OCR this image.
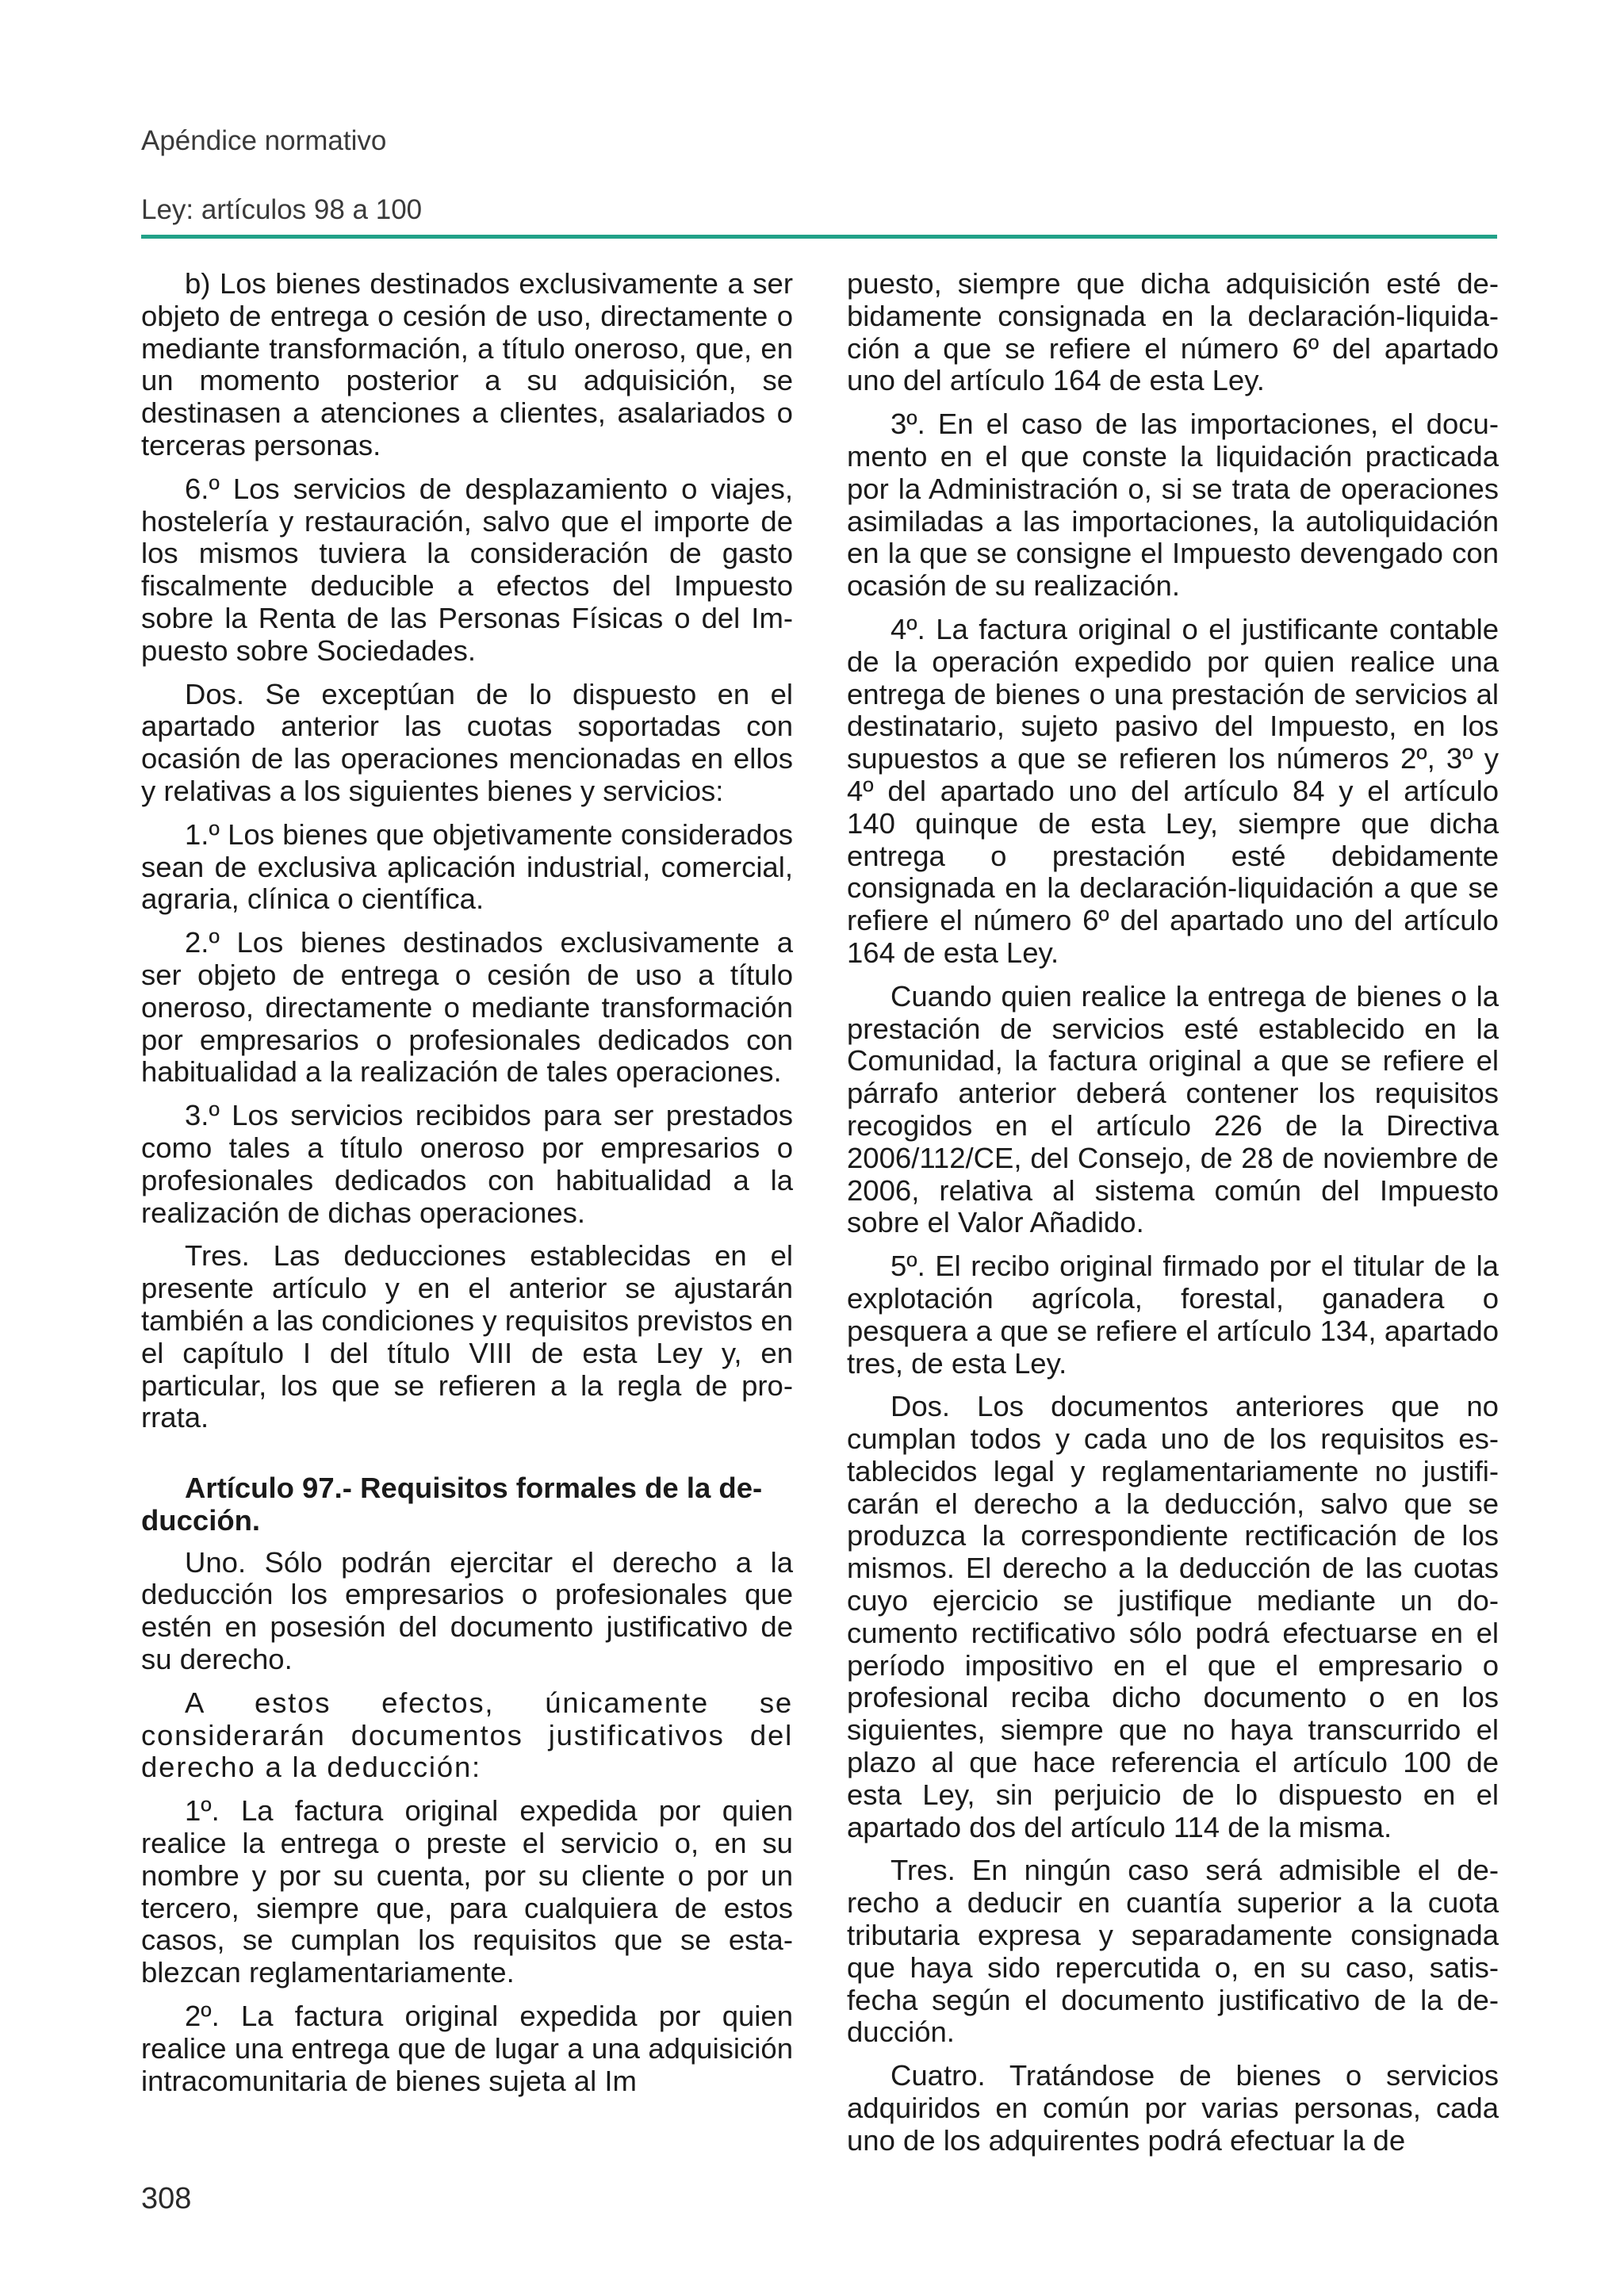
Apéndice normativo
Ley: artículos 98 a 100

b) Los bienes destinados exclusivamente a ser objeto de entrega o cesión de uso, directamente o mediante transformación, a título oneroso, que, en un momento posterior a su adquisición, se destinasen a atenciones a clientes, asalariados o terceras personas.

6.º Los servicios de desplazamiento o viajes, hostelería y restauración, salvo que el importe de los mismos tuviera la consideración de gasto fiscalmente deducible a efectos del Impuesto sobre la Renta de las Personas Físicas o del Impuesto sobre Sociedades.

Dos. Se exceptúan de lo dispuesto en el apartado anterior las cuotas soportadas con ocasión de las operaciones mencionadas en ellos y relativas a los siguientes bienes y servicios:

1.º Los bienes que objetivamente considerados sean de exclusiva aplicación industrial, comercial, agraria, clínica o científica.

2.º Los bienes destinados exclusivamente a ser objeto de entrega o cesión de uso a título oneroso, directamente o mediante transformación por empresarios o profesionales dedicados con habitualidad a la realización de tales operaciones.

3.º Los servicios recibidos para ser prestados como tales a título oneroso por empresarios o profesionales dedicados con habitualidad a la realización de dichas operaciones.

Tres. Las deducciones establecidas en el presente artículo y en el anterior se ajustarán también a las condiciones y requisitos previstos en el capítulo I del título VIII de esta Ley y, en particular, los que se refieren a la regla de prorrata.

Artículo 97.- Requisitos formales de la deducción.

Uno. Sólo podrán ejercitar el derecho a la deducción los empresarios o profesionales que estén en posesión del documento justificativo de su derecho.

A estos efectos, únicamente se considerarán documentos justificativos del derecho a la deducción:

1º. La factura original expedida por quien realice la entrega o preste el servicio o, en su nombre y por su cuenta, por su cliente o por un tercero, siempre que, para cualquiera de estos casos, se cumplan los requisitos que se establezcan reglamentariamente.

2º. La factura original expedida por quien realice una entrega que de lugar a una adquisición intracomunitaria de bienes sujeta al Im

puesto, siempre que dicha adquisición esté debidamente consignada en la declaración-liquidación a que se refiere el número 6º del apartado uno del artículo 164 de esta Ley.

3º. En el caso de las importaciones, el documento en el que conste la liquidación practicada por la Administración o, si se trata de operaciones asimiladas a las importaciones, la autoliquidación en la que se consigne el Impuesto devengado con ocasión de su realización.

4º. La factura original o el justificante contable de la operación expedido por quien realice una entrega de bienes o una prestación de servicios al destinatario, sujeto pasivo del Impuesto, en los supuestos a que se refieren los números 2º, 3º y 4º del apartado uno del artículo 84 y el artículo 140 quinque de esta Ley, siempre que dicha entrega o prestación esté debidamente consignada en la declaración-liquidación a que se refiere el número 6º del apartado uno del artículo 164 de esta Ley.

Cuando quien realice la entrega de bienes o la prestación de servicios esté establecido en la Comunidad, la factura original a que se refiere el párrafo anterior deberá contener los requisitos recogidos en el artículo 226 de la Directiva 2006/112/CE, del Consejo, de 28 de noviembre de 2006, relativa al sistema común del Impuesto sobre el Valor Añadido.

5º. El recibo original firmado por el titular de la explotación agrícola, forestal, ganadera o pesquera a que se refiere el artículo 134, apartado tres, de esta Ley.

Dos. Los documentos anteriores que no cumplan todos y cada uno de los requisitos establecidos legal y reglamentariamente no justificarán el derecho a la deducción, salvo que se produzca la correspondiente rectificación de los mismos. El derecho a la deducción de las cuotas cuyo ejercicio se justifique mediante un documento rectificativo sólo podrá efectuarse en el período impositivo en el que el empresario o profesional reciba dicho documento o en los siguientes, siempre que no haya transcurrido el plazo al que hace referencia el artículo 100 de esta Ley, sin perjuicio de lo dispuesto en el apartado dos del artículo 114 de la misma.

Tres. En ningún caso será admisible el derecho a deducir en cuantía superior a la cuota tributaria expresa y separadamente consignada que haya sido repercutida o, en su caso, satisfecha según el documento justificativo de la deducción.

Cuatro. Tratándose de bienes o servicios adquiridos en común por varias personas, cada uno de los adquirentes podrá efectuar la de

308
